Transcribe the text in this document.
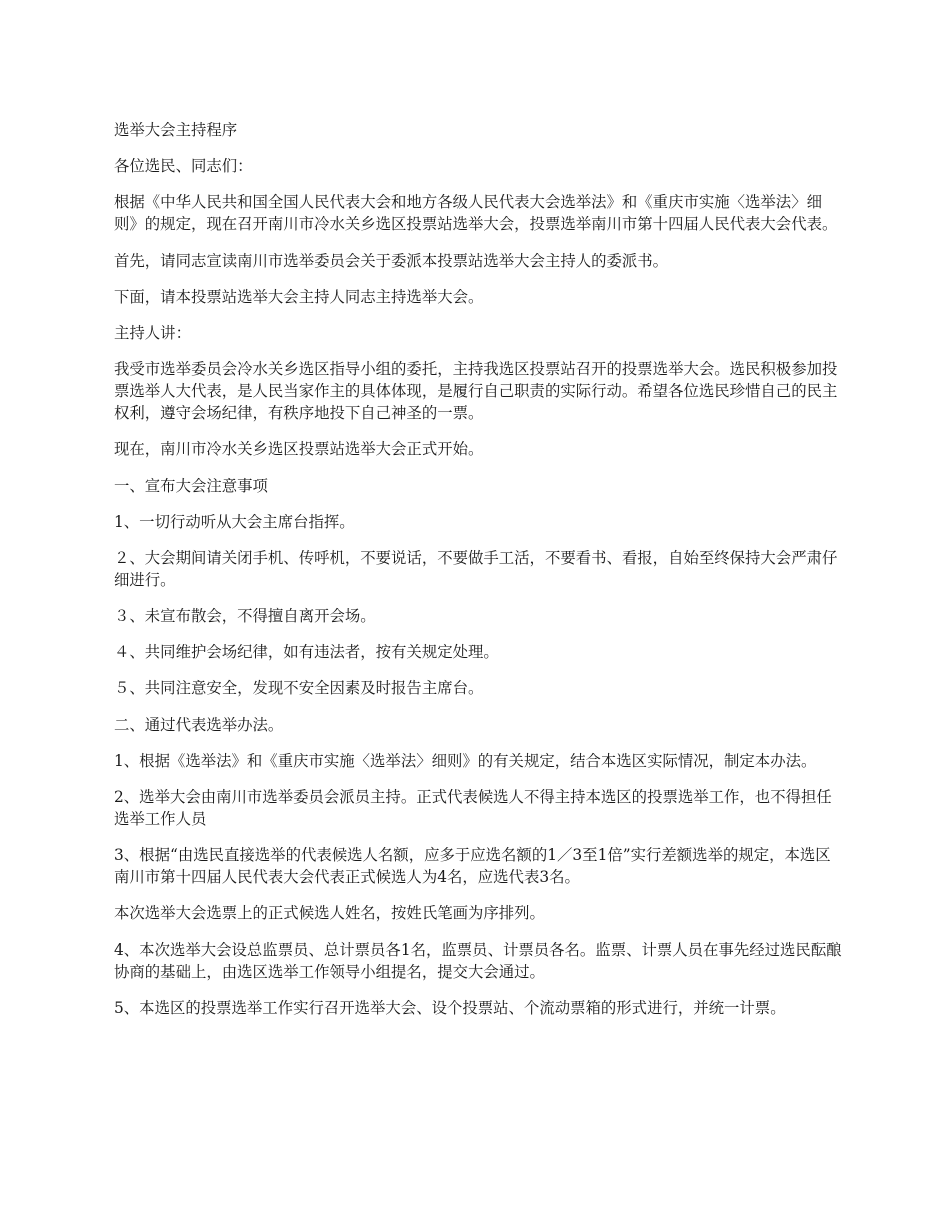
选举大会主持程序

各位选民、同志们：

根据《中华人民共和国全国人民代表大会和地方各级人民代表大会选举法》和《重庆市实施〈选举法〉细则》的规定，现在召开南川市冷水关乡选区投票站选举大会，投票选举南川市第十四届人民代表大会代表。

首先，请同志宣读南川市选举委员会关于委派本投票站选举大会主持人的委派书。

下面，请本投票站选举大会主持人同志主持选举大会。

主持人讲：

我受市选举委员会冷水关乡选区指导小组的委托，主持我选区投票站召开的投票选举大会。选民积极参加投票选举人大代表，是人民当家作主的具体体现，是履行自己职责的实际行动。希望各位选民珍惜自己的民主权利，遵守会场纪律，有秩序地投下自己神圣的一票。

现在，南川市冷水关乡选区投票站选举大会正式开始。

一、宣布大会注意事项

1、一切行动听从大会主席台指挥。

２、大会期间请关闭手机、传呼机，不要说话，不要做手工活，不要看书、看报，自始至终保持大会严肃仔细进行。

３、未宣布散会，不得擅自离开会场。

４、共同维护会场纪律，如有违法者，按有关规定处理。

５、共同注意安全，发现不安全因素及时报告主席台。

二、通过代表选举办法。

1、根据《选举法》和《重庆市实施〈选举法〉细则》的有关规定，结合本选区实际情况，制定本办法。

2、选举大会由南川市选举委员会派员主持。正式代表候选人不得主持本选区的投票选举工作，也不得担任选举工作人员

3、根据“由选民直接选举的代表候选人名额，应多于应选名额的1／3至1倍”实行差额选举的规定，本选区南川市第十四届人民代表大会代表正式候选人为4名，应选代表3名。

本次选举大会选票上的正式候选人姓名，按姓氏笔画为序排列。

4、本次选举大会设总监票员、总计票员各1名，监票员、计票员各名。监票、计票人员在事先经过选民酝酿协商的基础上，由选区选举工作领导小组提名，提交大会通过。

5、本选区的投票选举工作实行召开选举大会、设个投票站、个流动票箱的形式进行，并统一计票。
